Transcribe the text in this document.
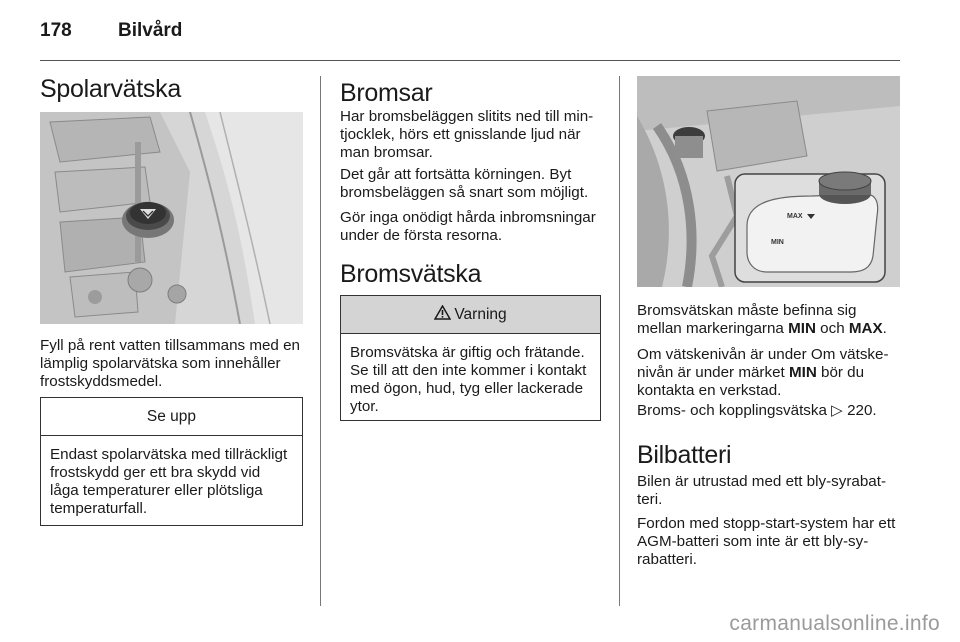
178 Bilvård
Spolarvätska

Fyll på rent vatten tillsammans med en lämplig spolarvätska som innehåller frostskyddsmedel.

Se upp
Endast spolarvätska med tillräckligt frostskydd ger ett bra skydd vid låga temperaturer eller plötsliga temperaturfall.
Bromsar

Har bromsbeläggen slitits ned till mintjocklek, hörs ett gnisslande ljud när man bromsar.

Det går att fortsätta körningen. Byt bromsbeläggen så snart som möjligt.

Gör inga onödigt hårda inbromsningar under de första resorna.

Bromsvätska
Varning
Bromsvätska är giftig och frätande. Se till att den inte kommer i kontakt med ögon, hud, tyg eller lackerade ytor.
MAX
MIN

Bromsvätskan måste befinna sig mellan markeringarna MIN och MAX.

Om vätskenivån är under Om vätskenivån är under märket MIN bör du kontakta en verkstad.

Broms- och kopplingsvätska ▷ 220.

Bilbatteri

Bilen är utrustad med ett bly-syrabatteri.

Fordon med stopp-start-system har ett AGM-batteri som inte är ett bly-syrabatteri.

carmanualsonline.info
